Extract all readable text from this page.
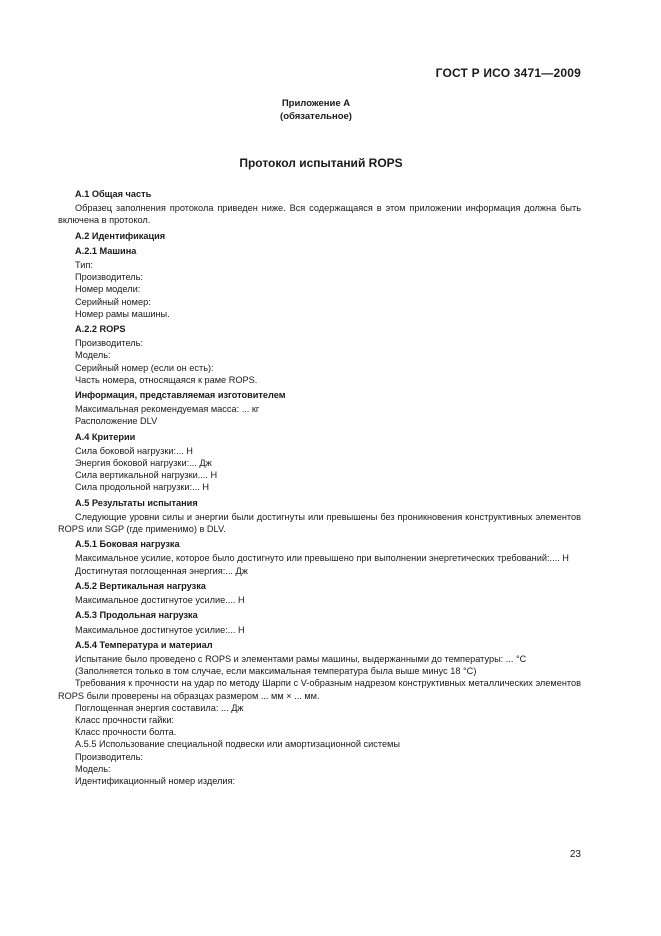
ГОСТ Р ИСО 3471—2009
Приложение А
(обязательное)
Протокол испытаний ROPS

А.1 Общая часть

Образец заполнения протокола приведен ниже. Вся содержащаяся в этом приложении информация должна быть включена в протокол.

А.2 Идентификация

А.2.1 Машина

Тип:

Производитель:

Номер модели:

Серийный номер:

Номер рамы машины.

А.2.2 ROPS

Производитель:

Модель:

Серийный номер (если он есть):

Часть номера, относящаяся к раме ROPS.

Информация, представляемая изготовителем

Максимальная рекомендуемая масса: ... кг

Расположение DLV

А.4 Критерии

Сила боковой нагрузки:... Н

Энергия боковой нагрузки:... Дж

Сила вертикальной нагрузки.... Н

Сила продольной нагрузки:... Н

А.5 Результаты испытания

Следующие уровни силы и энергии были достигнуты или превышены без проникновения конструктивных элементов ROPS или SGP (где применимо) в DLV.

А.5.1 Боковая нагрузка

Максимальное усилие, которое было достигнуто или превышено при выполнении энергетических требований:.... Н

Достигнутая поглощенная энергия:... Дж

А.5.2 Вертикальная нагрузка

Максимальное достигнутое усилие.... Н

А.5.3 Продольная нагрузка

Максимальное достигнутое усилие:... Н

А.5.4 Температура и материал

Испытание было проведено с ROPS и элементами рамы машины, выдержанными до температуры: ... °С

(Заполняется только в том случае, если максимальная температура была выше минус 18 °С)

Требования к прочности на удар по методу Шарпи с V-образным надрезом конструктивных металлических элементов ROPS были проверены на образцах размером ... мм × ... мм.

Поглощенная энергия составила: ... Дж

Класс прочности гайки:

Класс прочности болта.

А.5.5 Использование специальной подвески или амортизационной системы

Производитель:

Модель:

Идентификационный номер изделия:

23
